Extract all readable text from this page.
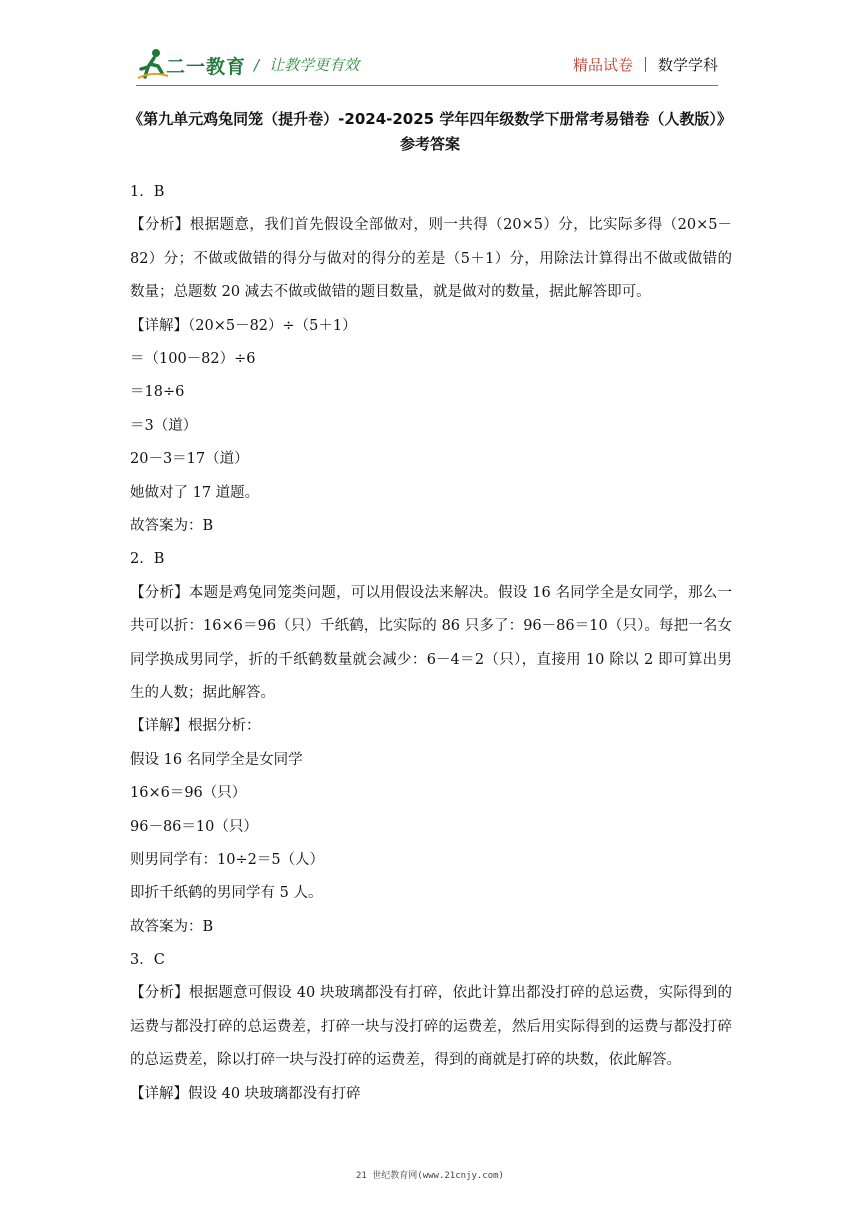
二一教育 / 让教学更有效	精品试卷 数学学科
《第九单元鸡兔同笼（提升卷）-2024-2025 学年四年级数学下册常考易错卷（人教版）》
参考答案
1．B
【分析】根据题意，我们首先假设全部做对，则一共得（20×5）分，比实际多得（20×5－82）分；不做或做错的得分与做对的得分的差是（5＋1）分，用除法计算得出不做或做错的数量；总题数 20 减去不做或做错的题目数量，就是做对的数量，据此解答即可。
【详解】（20×5－82）÷（5＋1）
＝（100－82）÷6
＝18÷6
＝3（道）
20－3＝17（道）
她做对了 17 道题。
故答案为：B
2．B
【分析】本题是鸡兔同笼类问题，可以用假设法来解决。假设 16 名同学全是女同学，那么一共可以折：16×6＝96（只）千纸鹤，比实际的 86 只多了：96－86＝10（只）。每把一名女同学换成男同学，折的千纸鹤数量就会减少：6－4＝2（只），直接用 10 除以 2 即可算出男生的人数；据此解答。
【详解】根据分析：
假设 16 名同学全是女同学
16×6＝96（只）
96－86＝10（只）
则男同学有：10÷2＝5（人）
即折千纸鹤的男同学有 5 人。
故答案为：B
3．C
【分析】根据题意可假设 40 块玻璃都没有打碎，依此计算出都没打碎的总运费，实际得到的运费与都没打碎的总运费差，打碎一块与没打碎的运费差，然后用实际得到的运费与都没打碎的总运费差，除以打碎一块与没打碎的运费差，得到的商就是打碎的块数，依此解答。
【详解】假设 40 块玻璃都没有打碎
21 世纪教育网(www.21cnjy.com)
